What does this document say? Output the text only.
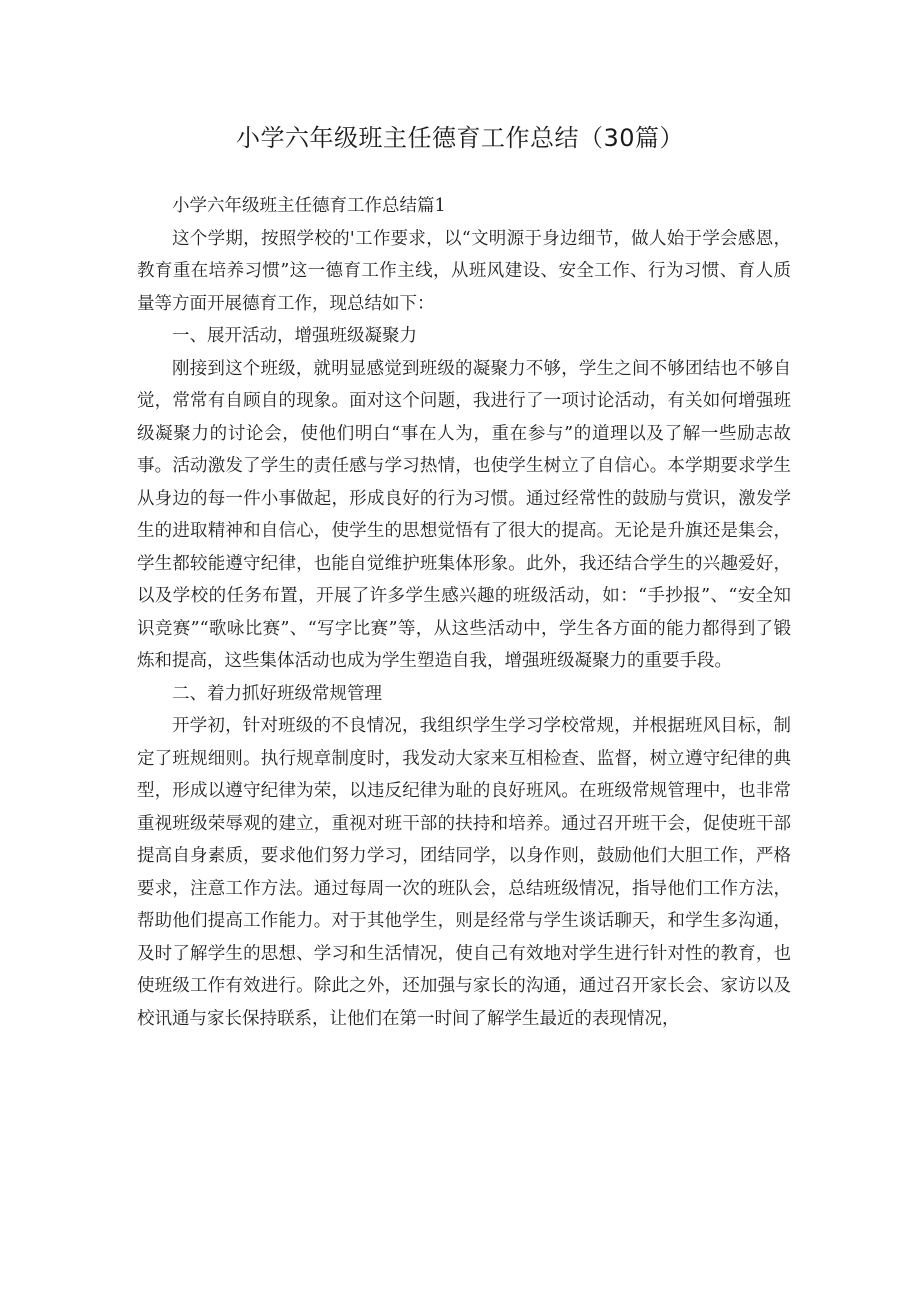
小学六年级班主任德育工作总结（30篇）

小学六年级班主任德育工作总结篇1

这个学期，按照学校的'工作要求，以“文明源于身边细节，做人始于学会感恩，教育重在培养习惯”这一德育工作主线，从班风建设、安全工作、行为习惯、育人质量等方面开展德育工作，现总结如下：

一、展开活动，增强班级凝聚力

刚接到这个班级，就明显感觉到班级的凝聚力不够，学生之间不够团结也不够自觉，常常有自顾自的现象。面对这个问题，我进行了一项讨论活动，有关如何增强班级凝聚力的讨论会，使他们明白“事在人为，重在参与”的道理以及了解一些励志故事。活动激发了学生的责任感与学习热情，也使学生树立了自信心。本学期要求学生从身边的每一件小事做起，形成良好的行为习惯。通过经常性的鼓励与赏识，激发学生的进取精神和自信心，使学生的思想觉悟有了很大的提高。无论是升旗还是集会，学生都较能遵守纪律，也能自觉维护班集体形象。此外，我还结合学生的兴趣爱好，以及学校的任务布置，开展了许多学生感兴趣的班级活动，如：“手抄报”、“安全知识竞赛”“歌咏比赛”、“写字比赛”等，从这些活动中，学生各方面的能力都得到了锻炼和提高，这些集体活动也成为学生塑造自我，增强班级凝聚力的重要手段。

二、着力抓好班级常规管理

开学初，针对班级的不良情况，我组织学生学习学校常规，并根据班风目标，制定了班规细则。执行规章制度时，我发动大家来互相检查、监督，树立遵守纪律的典型，形成以遵守纪律为荣，以违反纪律为耻的良好班风。在班级常规管理中，也非常重视班级荣辱观的建立，重视对班干部的扶持和培养。通过召开班干会，促使班干部提高自身素质，要求他们努力学习，团结同学，以身作则，鼓励他们大胆工作，严格要求，注意工作方法。通过每周一次的班队会，总结班级情况，指导他们工作方法，帮助他们提高工作能力。对于其他学生，则是经常与学生谈话聊天，和学生多沟通，及时了解学生的思想、学习和生活情况，使自己有效地对学生进行针对性的教育，也使班级工作有效进行。除此之外，还加强与家长的沟通，通过召开家长会、家访以及校讯通与家长保持联系，让他们在第一时间了解学生最近的表现情况，
